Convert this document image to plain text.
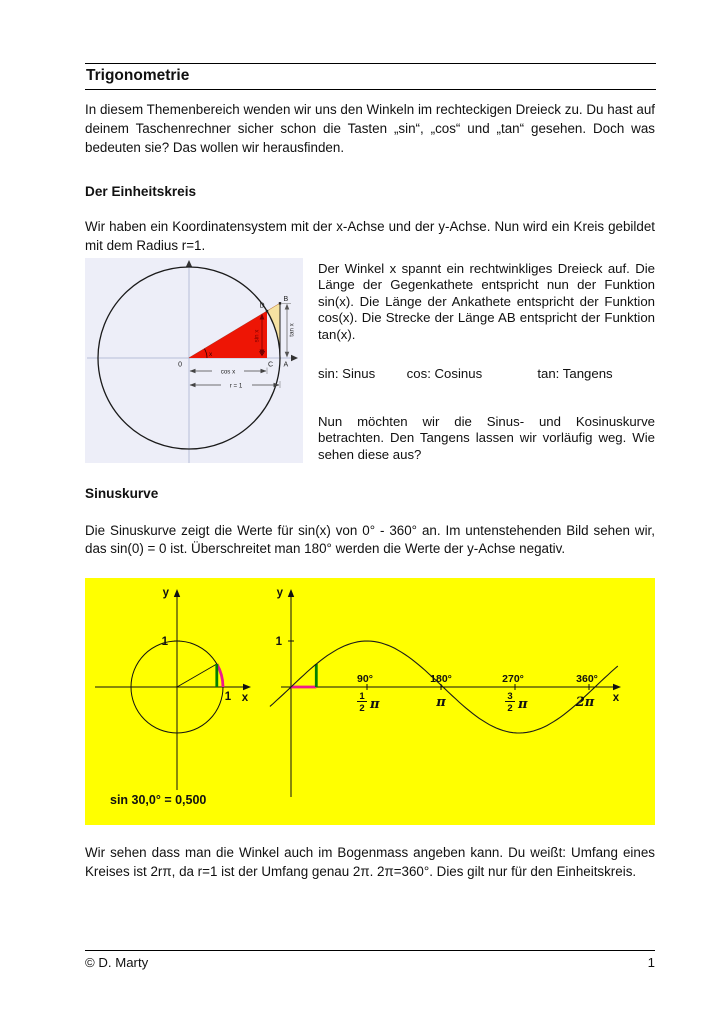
Trigonometrie
In diesem Themenbereich wenden wir uns den Winkeln im rechteckigen Dreieck zu. Du hast auf deinem Taschenrechner sicher schon die Tasten „sin“, „cos“ und „tan“ gesehen. Doch was bedeuten sie? Das wollen wir herausfinden.
Der Einheitskreis
Wir haben ein Koordinatensystem mit der x-Achse und der y-Achse. Nun wird ein Kreis gebildet mit dem Radius r=1.
x
sin x	tan x
cos x
r = 1
0	C A
D
B
Der Winkel x spannt ein rechtwinkliges Dreieck auf. Die Länge der Gegenkathete entspricht nun der Funktion sin(x). Die Länge der Ankathete entspricht der Funktion cos(x). Die Strecke der Länge AB entspricht der Funktion tan(x).
sin: Sinus cos: Cosinus	tan: Tangens
Nun möchten wir die Sinus- und Kosinuskurve betrachten. Den Tangens lassen wir vorläufig weg. Wie sehen diese aus?
Sinuskurve
Die Sinuskurve zeigt die Werte für sin(x) von 0° - 360° an. Im untenstehenden Bild sehen wir, das sin(0) = 0 ist. Überschreitet man 180° werden die Werte der y-Achse negativ.
y
x
1
1
y
x
1
90°
1
2 π
180°
π
270°
3
2 π
360°
2π
sin 30,0° = 0,500
Wir sehen dass man die Winkel auch im Bogenmass angeben kann. Du weißt: Umfang eines Kreises ist 2rπ, da r=1 ist der Umfang genau 2π. 2π=360°. Dies gilt nur für den Einheitskreis.
© D. Marty	1
